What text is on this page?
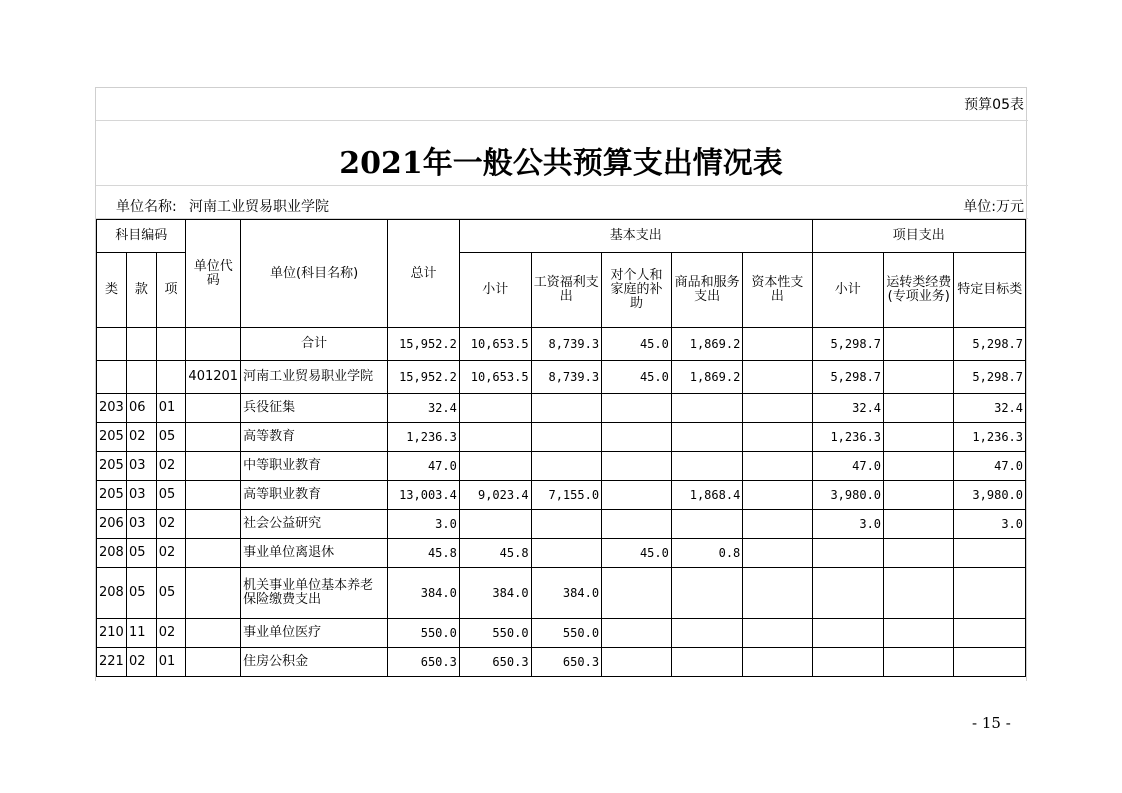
预算05表
2021年一般公共预算支出情况表
单位名称: 河南工业贸易职业学院	单位:万元
科目编码			单位代码	单位(科目名称)	总计	基本支出					项目支出		
类	款	项				小计	工资福利支出	对个人和家庭的补助	商品和服务支出	资本性支出	小计	运转类经费(专项业务)	特定目标类
				合计	15,952.2	10,653.5	8,739.3	45.0	1,869.2		5,298.7		5,298.7
			401201	河南工业贸易职业学院	15,952.2	10,653.5	8,739.3	45.0	1,869.2		5,298.7		5,298.7
203	06	01		兵役征集	32.4						32.4		32.4
205	02	05		高等教育	1,236.3						1,236.3		1,236.3
205	03	02		中等职业教育	47.0						47.0		47.0
205	03	05		高等职业教育	13,003.4	9,023.4	7,155.0		1,868.4		3,980.0		3,980.0
206	03	02		社会公益研究	3.0						3.0		3.0
208	05	02		事业单位离退休	45.8	45.8		45.0	0.8				
208	05	05		机关事业单位基本养老保险缴费支出	384.0	384.0	384.0						
210	11	02		事业单位医疗	550.0	550.0	550.0						
221	02	01		住房公积金	650.3	650.3	650.3						
- 15 -
